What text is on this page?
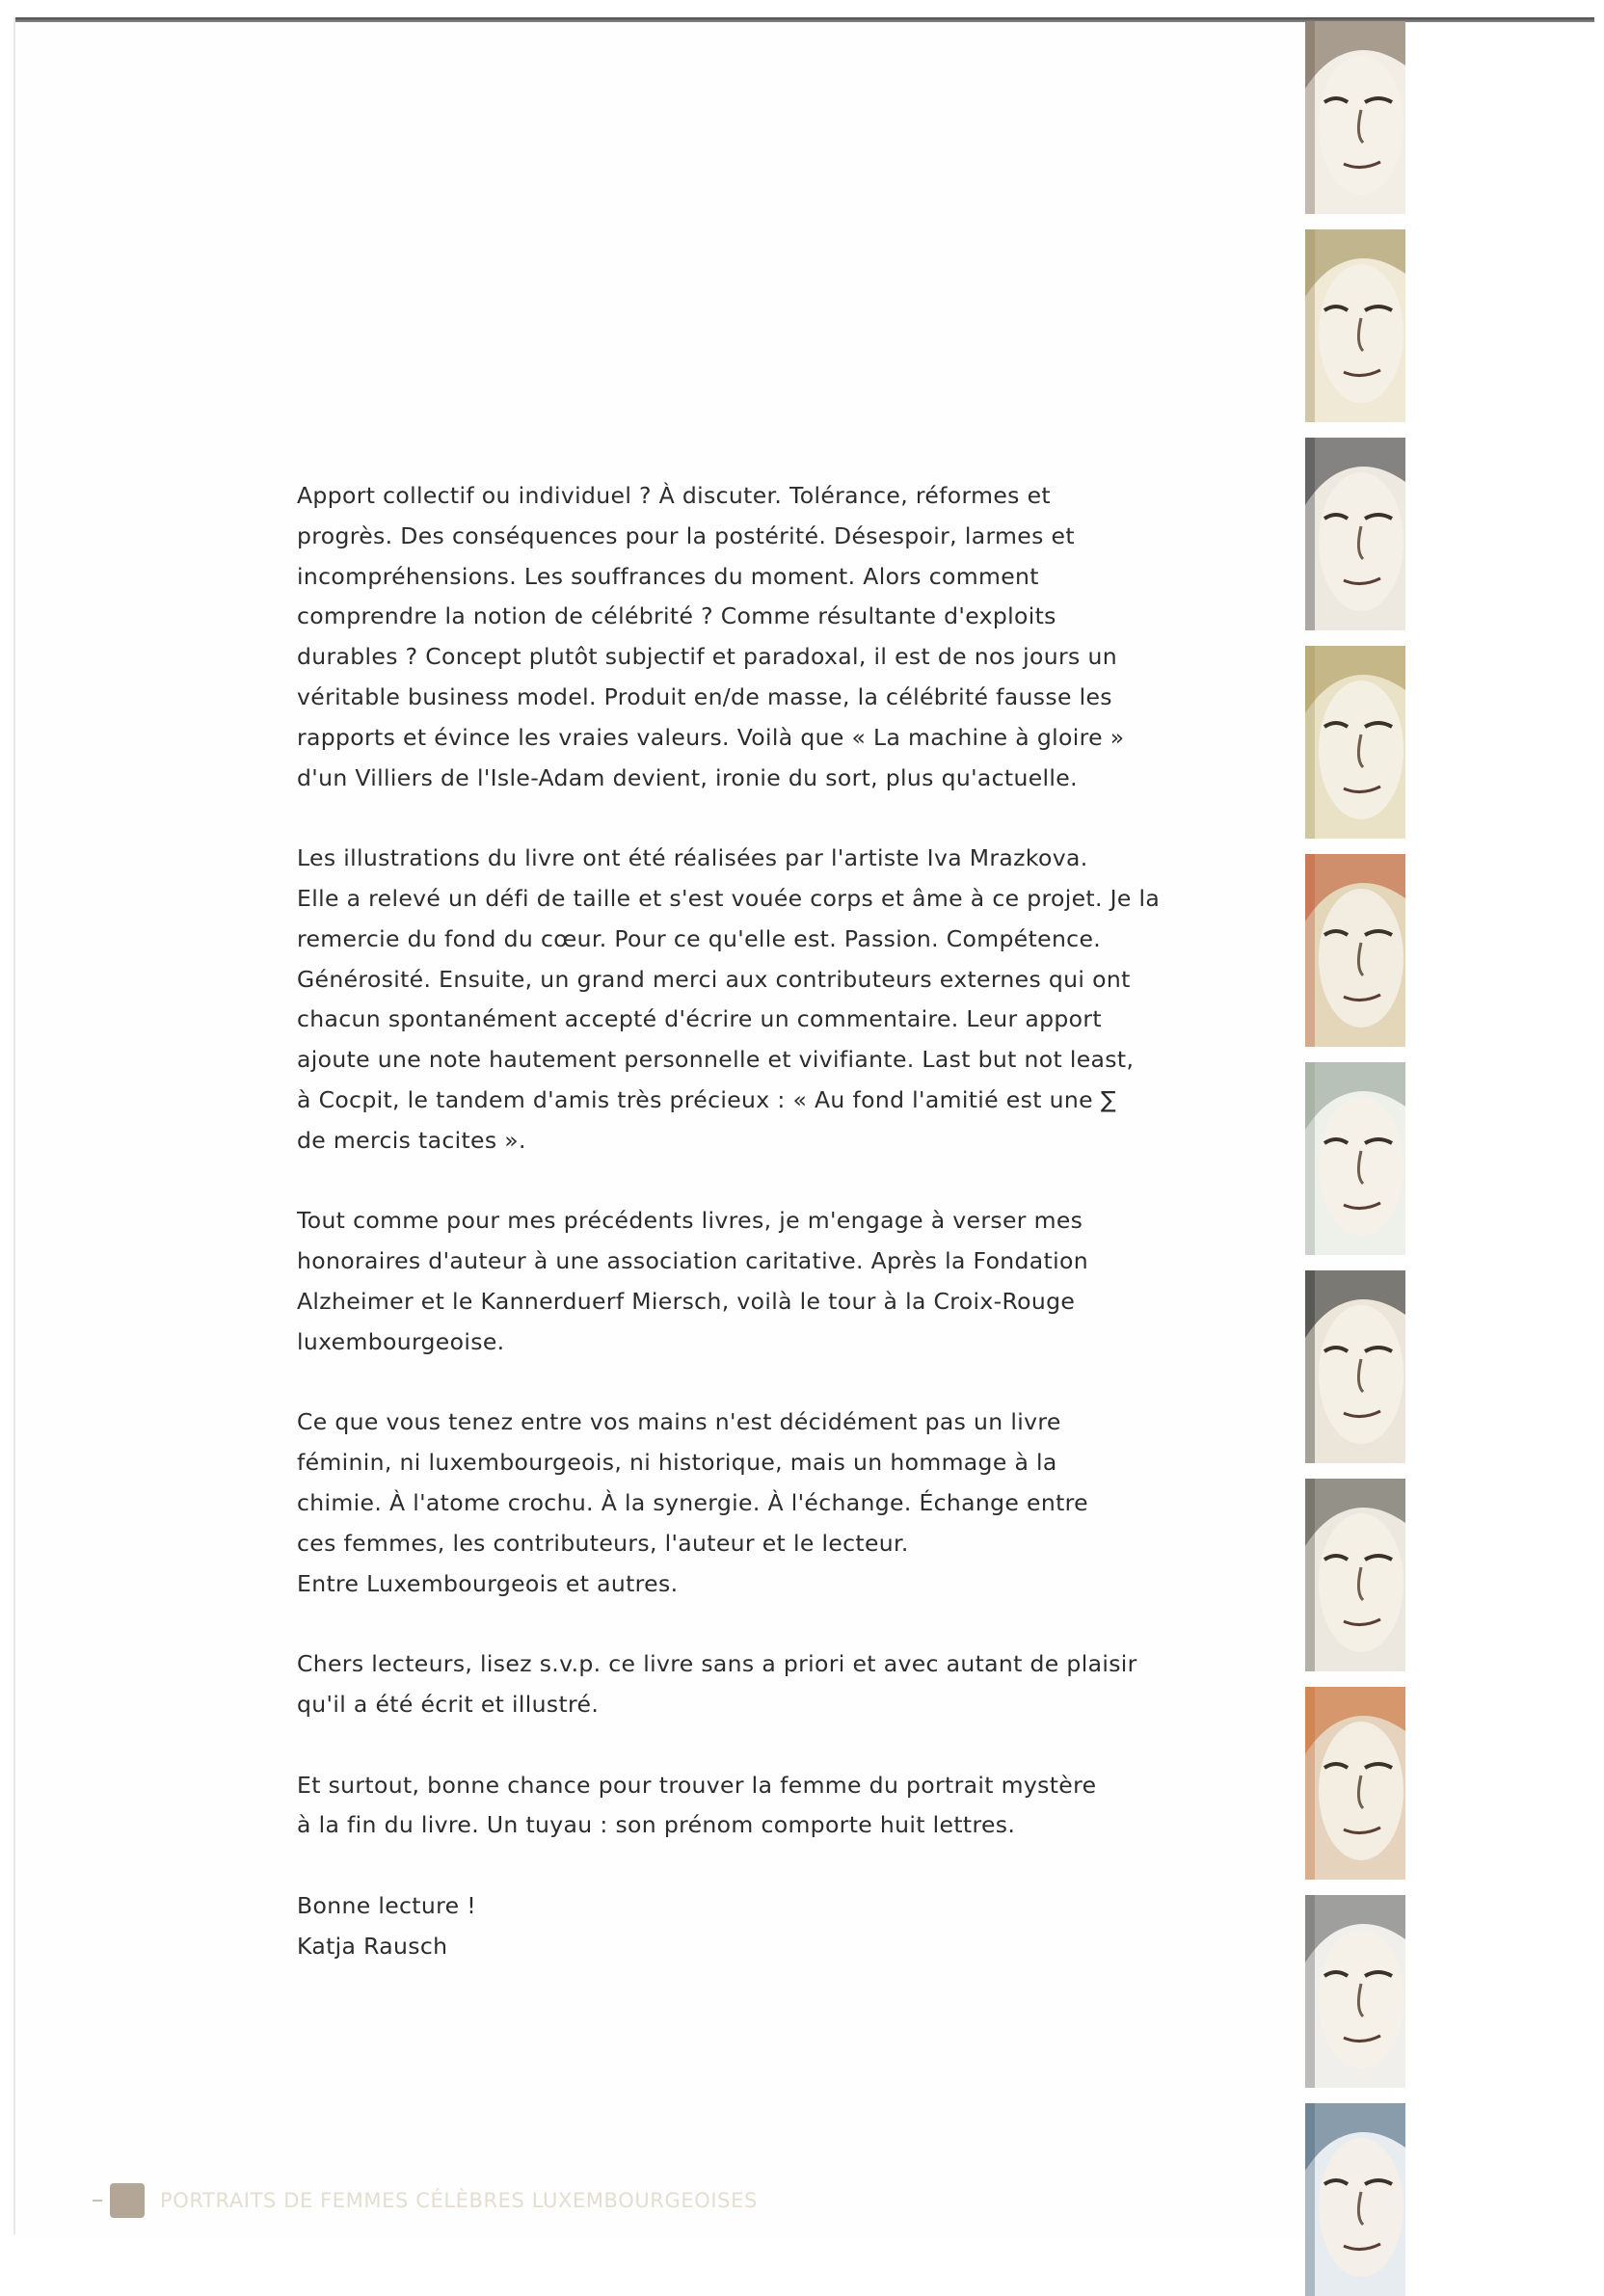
Apport collectif ou individuel ? À discuter. Tolérance, réformes et
progrès. Des conséquences pour la postérité. Désespoir, larmes et
incompréhensions. Les souffrances du moment. Alors comment
comprendre la notion de célébrité ? Comme résultante d'exploits
durables ? Concept plutôt subjectif et paradoxal, il est de nos jours un
véritable business model. Produit en/de masse, la célébrité fausse les
rapports et évince les vraies valeurs. Voilà que « La machine à gloire »
d'un Villiers de l'Isle-Adam devient, ironie du sort, plus qu'actuelle.

Les illustrations du livre ont été réalisées par l'artiste Iva Mrazkova.
Elle a relevé un défi de taille et s'est vouée corps et âme à ce projet. Je la
remercie du fond du cœur. Pour ce qu'elle est. Passion. Compétence.
Générosité. Ensuite, un grand merci aux contributeurs externes qui ont
chacun spontanément accepté d'écrire un commentaire. Leur apport
ajoute une note hautement personnelle et vivifiante. Last but not least,
à Cocpit, le tandem d'amis très précieux : « Au fond l'amitié est une ∑
de mercis tacites ».

Tout comme pour mes précédents livres, je m'engage à verser mes
honoraires d'auteur à une association caritative. Après la Fondation
Alzheimer et le Kannerduerf Miersch, voilà le tour à la Croix-Rouge
luxembourgeoise.

Ce que vous tenez entre vos mains n'est décidément pas un livre
féminin, ni luxembourgeois, ni historique, mais un hommage à la
chimie. À l'atome crochu. À la synergie. À l'échange. Échange entre
ces femmes, les contributeurs, l'auteur et le lecteur.
Entre Luxembourgeois et autres.

Chers lecteurs, lisez s.v.p. ce livre sans a priori et avec autant de plaisir
qu'il a été écrit et illustré.

Et surtout, bonne chance pour trouver la femme du portrait mystère
à la fin du livre. Un tuyau : son prénom comporte huit lettres.

Bonne lecture !
Katja Rausch

PORTRAITS DE FEMMES CÉLÈBRES LUXEMBOURGEOISES
